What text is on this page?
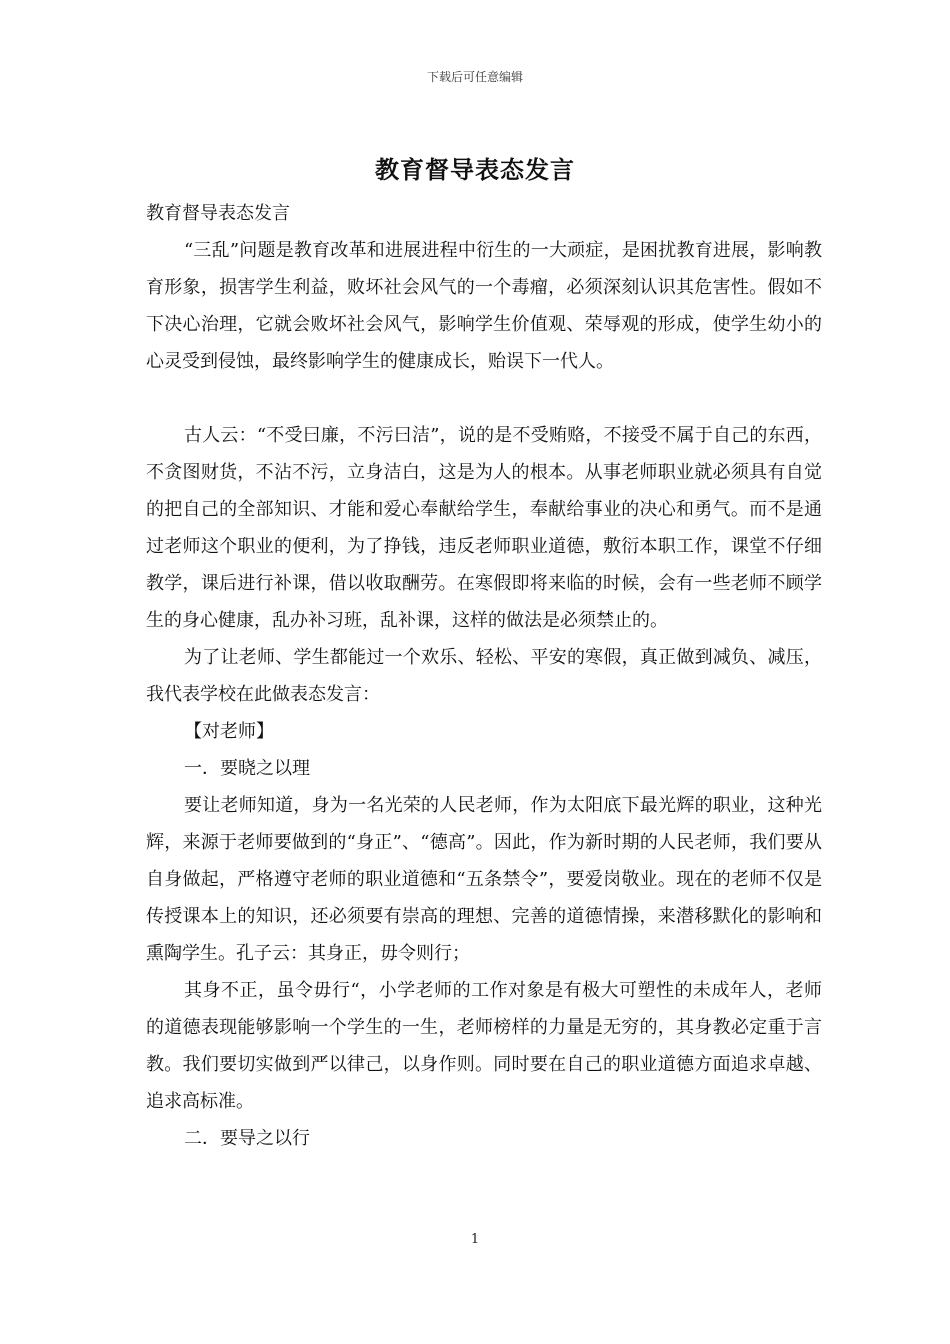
下载后可任意编辑
教育督导表态发言

教育督导表态发言

“三乱”问题是教育改革和进展进程中衍生的一大顽症，是困扰教育进展，影响教育形象，损害学生利益，败坏社会风气的一个毒瘤，必须深刻认识其危害性。假如不下决心治理，它就会败坏社会风气，影响学生价值观、荣辱观的形成，使学生幼小的心灵受到侵蚀，最终影响学生的健康成长，贻误下一代人。

古人云：“不受曰廉，不污曰洁”，说的是不受贿赂，不接受不属于自己的东西，不贪图财货，不沾不污，立身洁白，这是为人的根本。从事老师职业就必须具有自觉的把自己的全部知识、才能和爱心奉献给学生，奉献给事业的决心和勇气。而不是通过老师这个职业的便利，为了挣钱，违反老师职业道德，敷衍本职工作，课堂不仔细教学，课后进行补课，借以收取酬劳。在寒假即将来临的时候，会有一些老师不顾学生的身心健康，乱办补习班，乱补课，这样的做法是必须禁止的。

为了让老师、学生都能过一个欢乐、轻松、平安的寒假，真正做到减负、减压，我代表学校在此做表态发言：

【对老师】

一．要晓之以理

要让老师知道，身为一名光荣的人民老师，作为太阳底下最光辉的职业，这种光辉，来源于老师要做到的“身正”、“德高”。因此，作为新时期的人民老师，我们要从自身做起，严格遵守老师的职业道德和“五条禁令”，要爱岗敬业。现在的老师不仅是传授课本上的知识，还必须要有崇高的理想、完善的道德情操，来潜移默化的影响和熏陶学生。孔子云：其身正，毋令则行；

其身不正，虽令毋行“，小学老师的工作对象是有极大可塑性的未成年人，老师的道德表现能够影响一个学生的一生，老师榜样的力量是无穷的，其身教必定重于言教。我们要切实做到严以律己，以身作则。同时要在自己的职业道德方面追求卓越、追求高标准。

二．要导之以行

1
